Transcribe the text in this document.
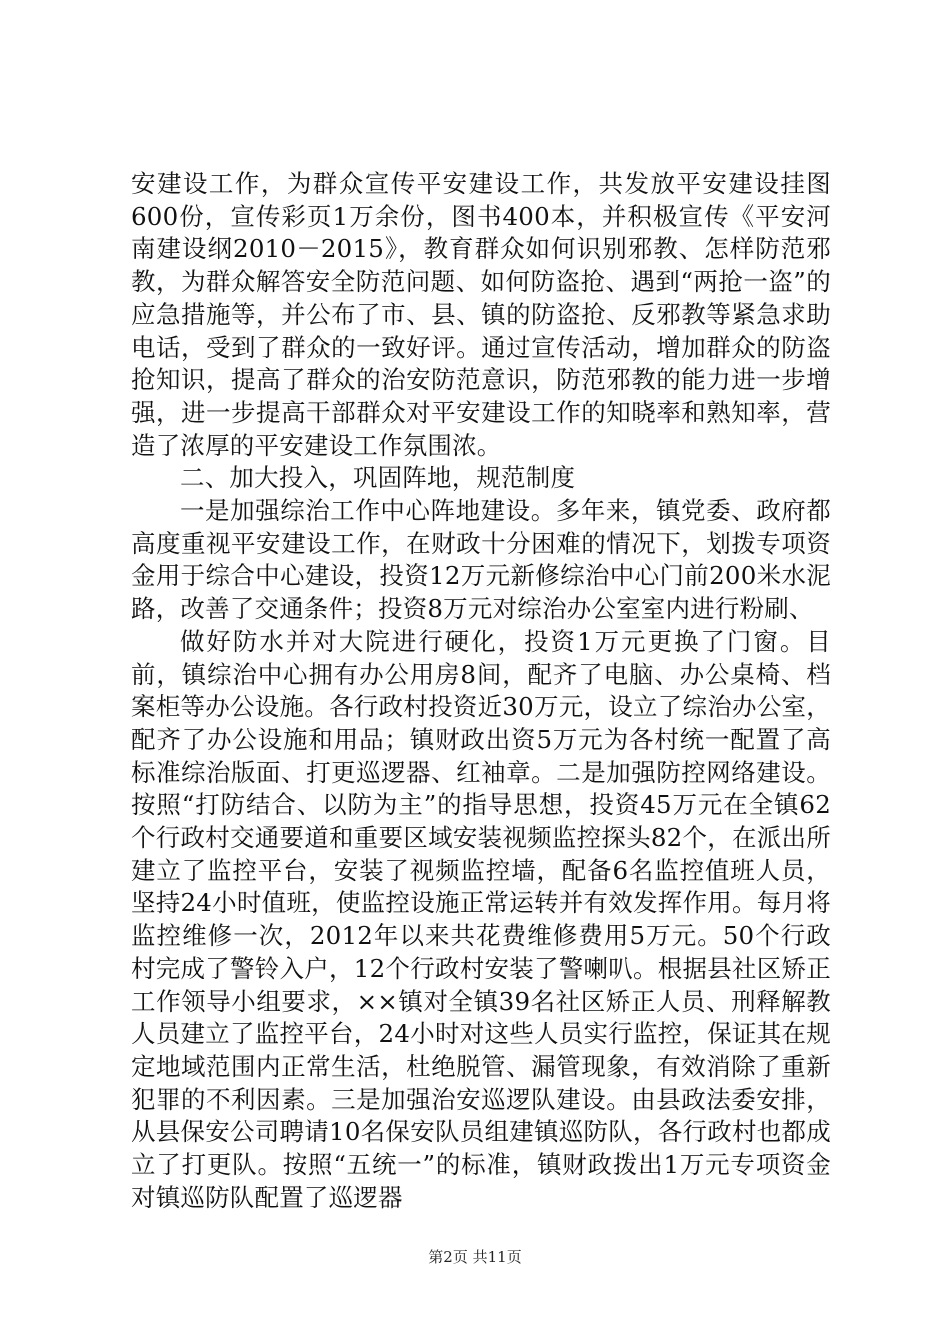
安建设工作，为群众宣传平安建设工作，共发放平安建设挂图600份，宣传彩页1万余份，图书400本，并积极宣传《平安河南建设纲2010－2015》，教育群众如何识别邪教、怎样防范邪教，为群众解答安全防范问题、如何防盗抢、遇到“两抢一盗”的应急措施等，并公布了市、县、镇的防盗抢、反邪教等紧急求助电话，受到了群众的一致好评。通过宣传活动，增加群众的防盗抢知识，提高了群众的治安防范意识，防范邪教的能力进一步增强，进一步提高干部群众对平安建设工作的知晓率和熟知率，营造了浓厚的平安建设工作氛围浓。

二、加大投入，巩固阵地，规范制度

一是加强综治工作中心阵地建设。多年来，镇党委、政府都高度重视平安建设工作，在财政十分困难的情况下，划拨专项资金用于综合中心建设，投资12万元新修综治中心门前200米水泥路，改善了交通条件；投资8万元对综治办公室室内进行粉刷、

做好防水并对大院进行硬化，投资1万元更换了门窗。目前，镇综治中心拥有办公用房8间，配齐了电脑、办公桌椅、档案柜等办公设施。各行政村投资近30万元，设立了综治办公室，配齐了办公设施和用品；镇财政出资5万元为各村统一配置了高标准综治版面、打更巡逻器、红袖章。二是加强防控网络建设。按照“打防结合、以防为主”的指导思想，投资45万元在全镇62个行政村交通要道和重要区域安装视频监控探头82个，在派出所建立了监控平台，安装了视频监控墙，配备6名监控值班人员，坚持24小时值班，使监控设施正常运转并有效发挥作用。每月将监控维修一次，2012年以来共花费维修费用5万元。50个行政村完成了警铃入户，12个行政村安装了警喇叭。根据县社区矫正工作领导小组要求，××镇对全镇39名社区矫正人员、刑释解教人员建立了监控平台，24小时对这些人员实行监控，保证其在规定地域范围内正常生活，杜绝脱管、漏管现象，有效消除了重新犯罪的不利因素。三是加强治安巡逻队建设。由县政法委安排，从县保安公司聘请10名保安队员组建镇巡防队，各行政村也都成立了打更队。按照“五统一”的标准，镇财政拨出1万元专项资金对镇巡防队配置了巡逻器

第2页 共11页
